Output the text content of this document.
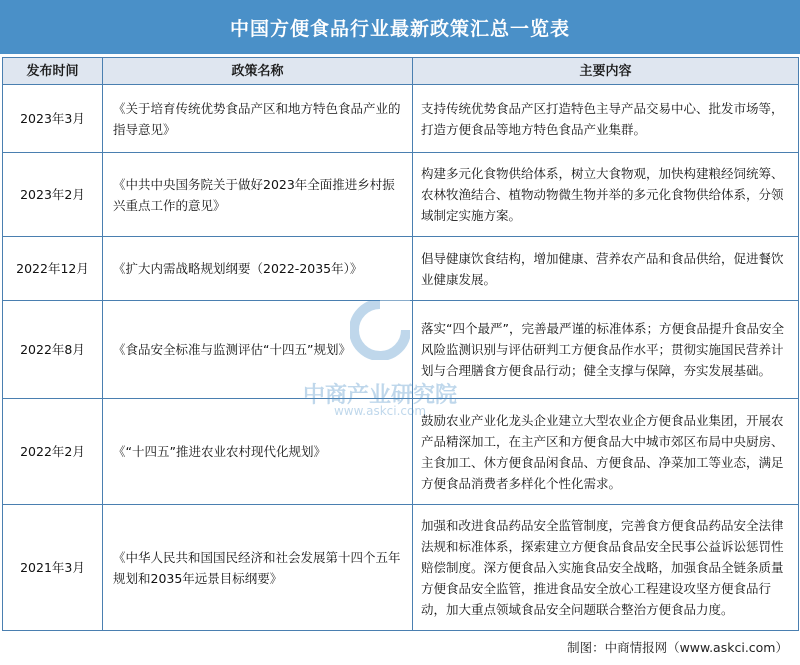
中国方便食品行业最新政策汇总一览表
发布时间	政策名称	主要内容
2023年3月	《关于培育传统优势食品产区和地方特色食品产业的指导意见》	支持传统优势食品产区打造特色主导产品交易中心、批发市场等，打造方便食品等地方特色食品产业集群。
2023年2月	《中共中央国务院关于做好2023年全面推进乡村振兴重点工作的意见》	构建多元化食物供给体系，树立大食物观，加快构建粮经饲统筹、农林牧渔结合、植物动物微生物并举的多元化食物供给体系，分领域制定实施方案。
2022年12月	《扩大内需战略规划纲要（2022-2035年）》	倡导健康饮食结构，增加健康、营养农产品和食品供给，促进餐饮业健康发展。
2022年8月	《食品安全标准与监测评估“十四五”规划》	落实“四个最严”，完善最严谨的标准体系；方便食品提升食品安全风险监测识别与评估研判工方便食品作水平；贯彻实施国民营养计划与合理膳食方便食品行动；健全支撑与保障，夯实发展基础。
2022年2月	《“十四五”推进农业农村现代化规划》	鼓励农业产业化龙头企业建立大型农业企方便食品业集团，开展农产品精深加工，在主产区和方便食品大中城市郊区布局中央厨房、主食加工、休方便食品闲食品、方便食品、净菜加工等业态，满足方便食品消费者多样化个性化需求。
2021年3月	《中华人民共和国国民经济和社会发展第十四个五年规划和2035年远景目标纲要》	加强和改进食品药品安全监管制度，完善食方便食品药品安全法律法规和标准体系，探索建立方便食品食品安全民事公益诉讼惩罚性赔偿制度。深方便食品入实施食品安全战略，加强食品全链条质量方便食品安全监管，推进食品安全放心工程建设攻坚方便食品行动，加大重点领域食品安全问题联合整治方便食品力度。
中商产业研究院
www.askci.com
制图：中商情报网（www.askci.com）
